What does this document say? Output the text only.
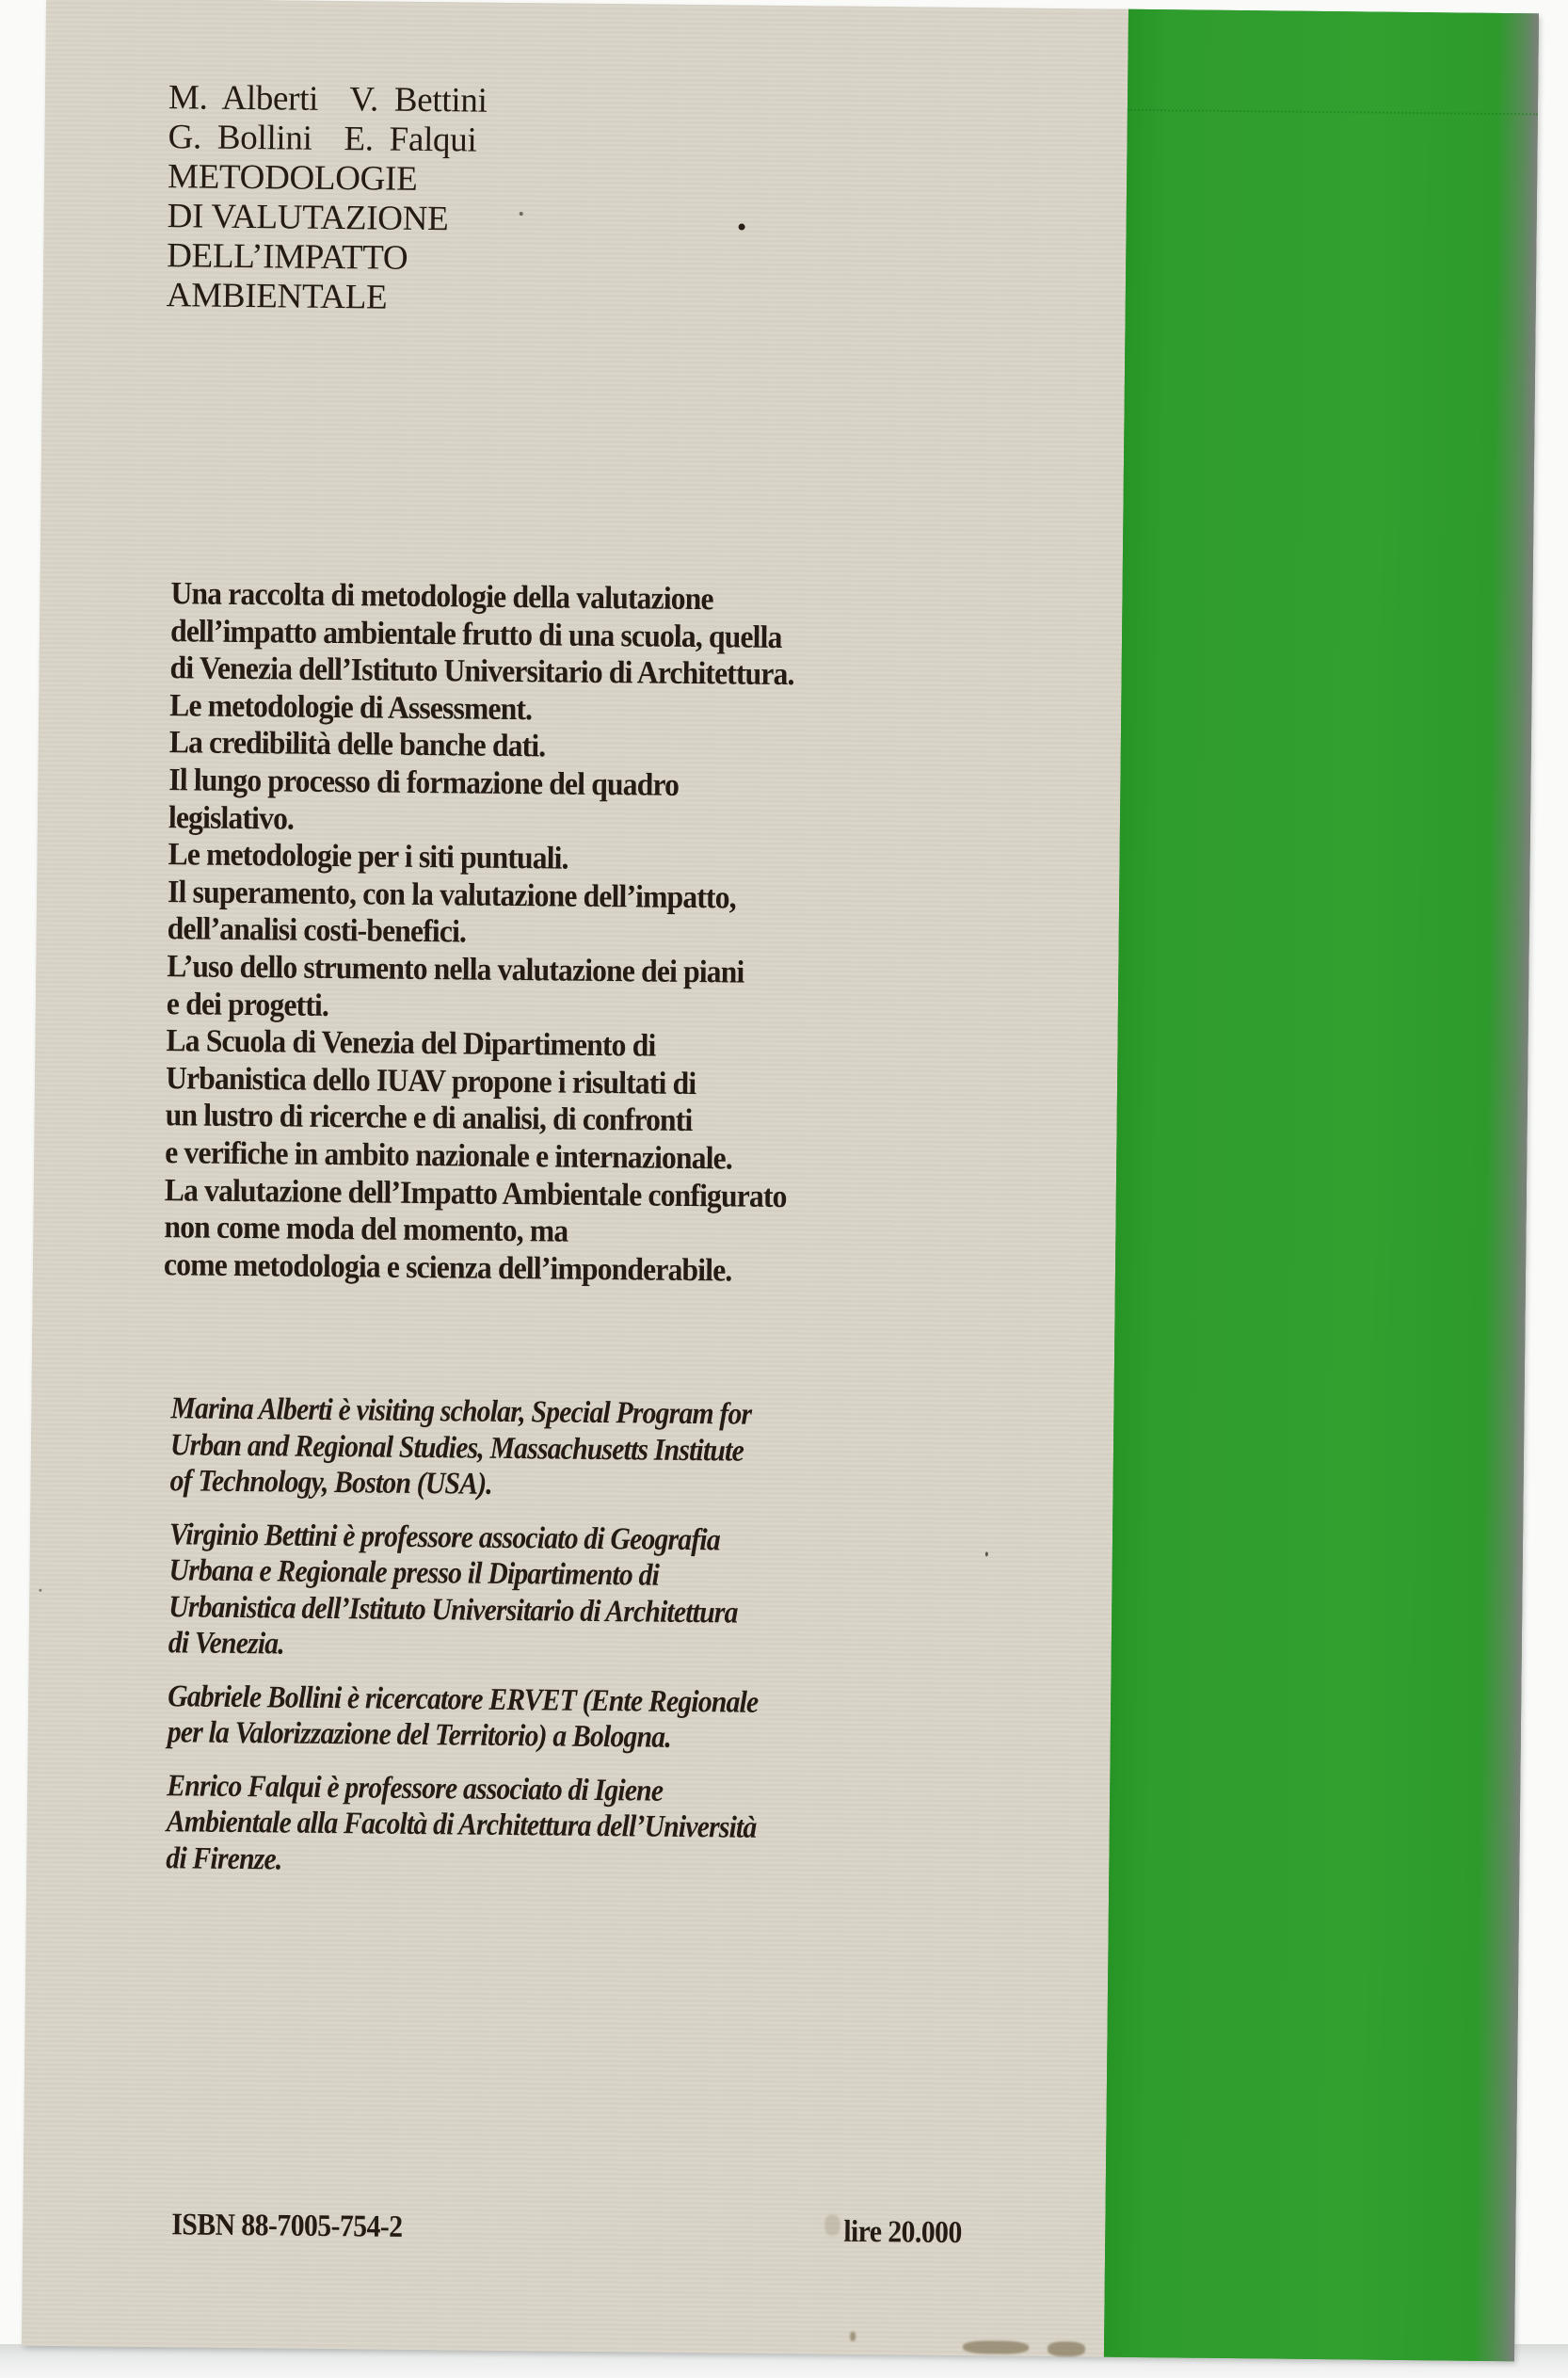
M. Alberti  V. Bettini
G. Bollini  E. Falqui
METODOLOGIE
DI VALUTAZIONE
DELL’IMPATTO
AMBIENTALE
Una raccolta di metodologie della valutazione
dell’impatto ambientale frutto di una scuola, quella
di Venezia dell’Istituto Universitario di Architettura.
Le metodologie di Assessment.
La credibilità delle banche dati.
Il lungo processo di formazione del quadro
legislativo.
Le metodologie per i siti puntuali.
Il superamento, con la valutazione dell’impatto,
dell’analisi costi-benefici.
L’uso dello strumento nella valutazione dei piani
e dei progetti.
La Scuola di Venezia del Dipartimento di
Urbanistica dello IUAV propone i risultati di
un lustro di ricerche e di analisi, di confronti
e verifiche in ambito nazionale e internazionale.
La valutazione dell’Impatto Ambientale configurato
non come moda del momento, ma
come metodologia e scienza dell’imponderabile.
Marina Alberti è visiting scholar, Special Program for
Urban and Regional Studies, Massachusetts Institute
of Technology, Boston (USA).
Virginio Bettini è professore associato di Geografia
Urbana e Regionale presso il Dipartimento di
Urbanistica dell’Istituto Universitario di Architettura
di Venezia.
Gabriele Bollini è ricercatore ERVET (Ente Regionale
per la Valorizzazione del Territorio) a Bologna.
Enrico Falqui è professore associato di Igiene
Ambientale alla Facoltà di Architettura dell’Università
di Firenze.
ISBN 88-7005-754-2	lire 20.000
